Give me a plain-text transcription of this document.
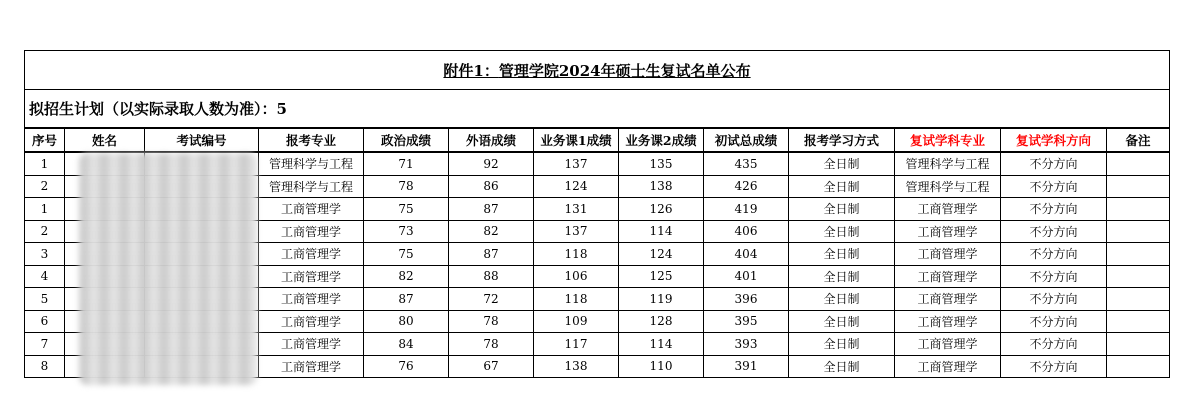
附件1：管理学院2024年硕士生复试名单公布												
拟招生计划（以实际录取人数为准）：5												
序号	姓名	考试编号	报考专业	政治成绩	外语成绩	业务课1成绩	业务课2成绩	初试总成绩	报考学习方式	复试学科专业	复试学科方向	备注
1			管理科学与工程	71	92	137	135	435	全日制	管理科学与工程	不分方向	
2			管理科学与工程	78	86	124	138	426	全日制	管理科学与工程	不分方向	
1			工商管理学	75	87	131	126	419	全日制	工商管理学	不分方向	
2			工商管理学	73	82	137	114	406	全日制	工商管理学	不分方向	
3			工商管理学	75	87	118	124	404	全日制	工商管理学	不分方向	
4			工商管理学	82	88	106	125	401	全日制	工商管理学	不分方向	
5			工商管理学	87	72	118	119	396	全日制	工商管理学	不分方向	
6			工商管理学	80	78	109	128	395	全日制	工商管理学	不分方向	
7			工商管理学	84	78	117	114	393	全日制	工商管理学	不分方向	
8			工商管理学	76	67	138	110	391	全日制	工商管理学	不分方向	
